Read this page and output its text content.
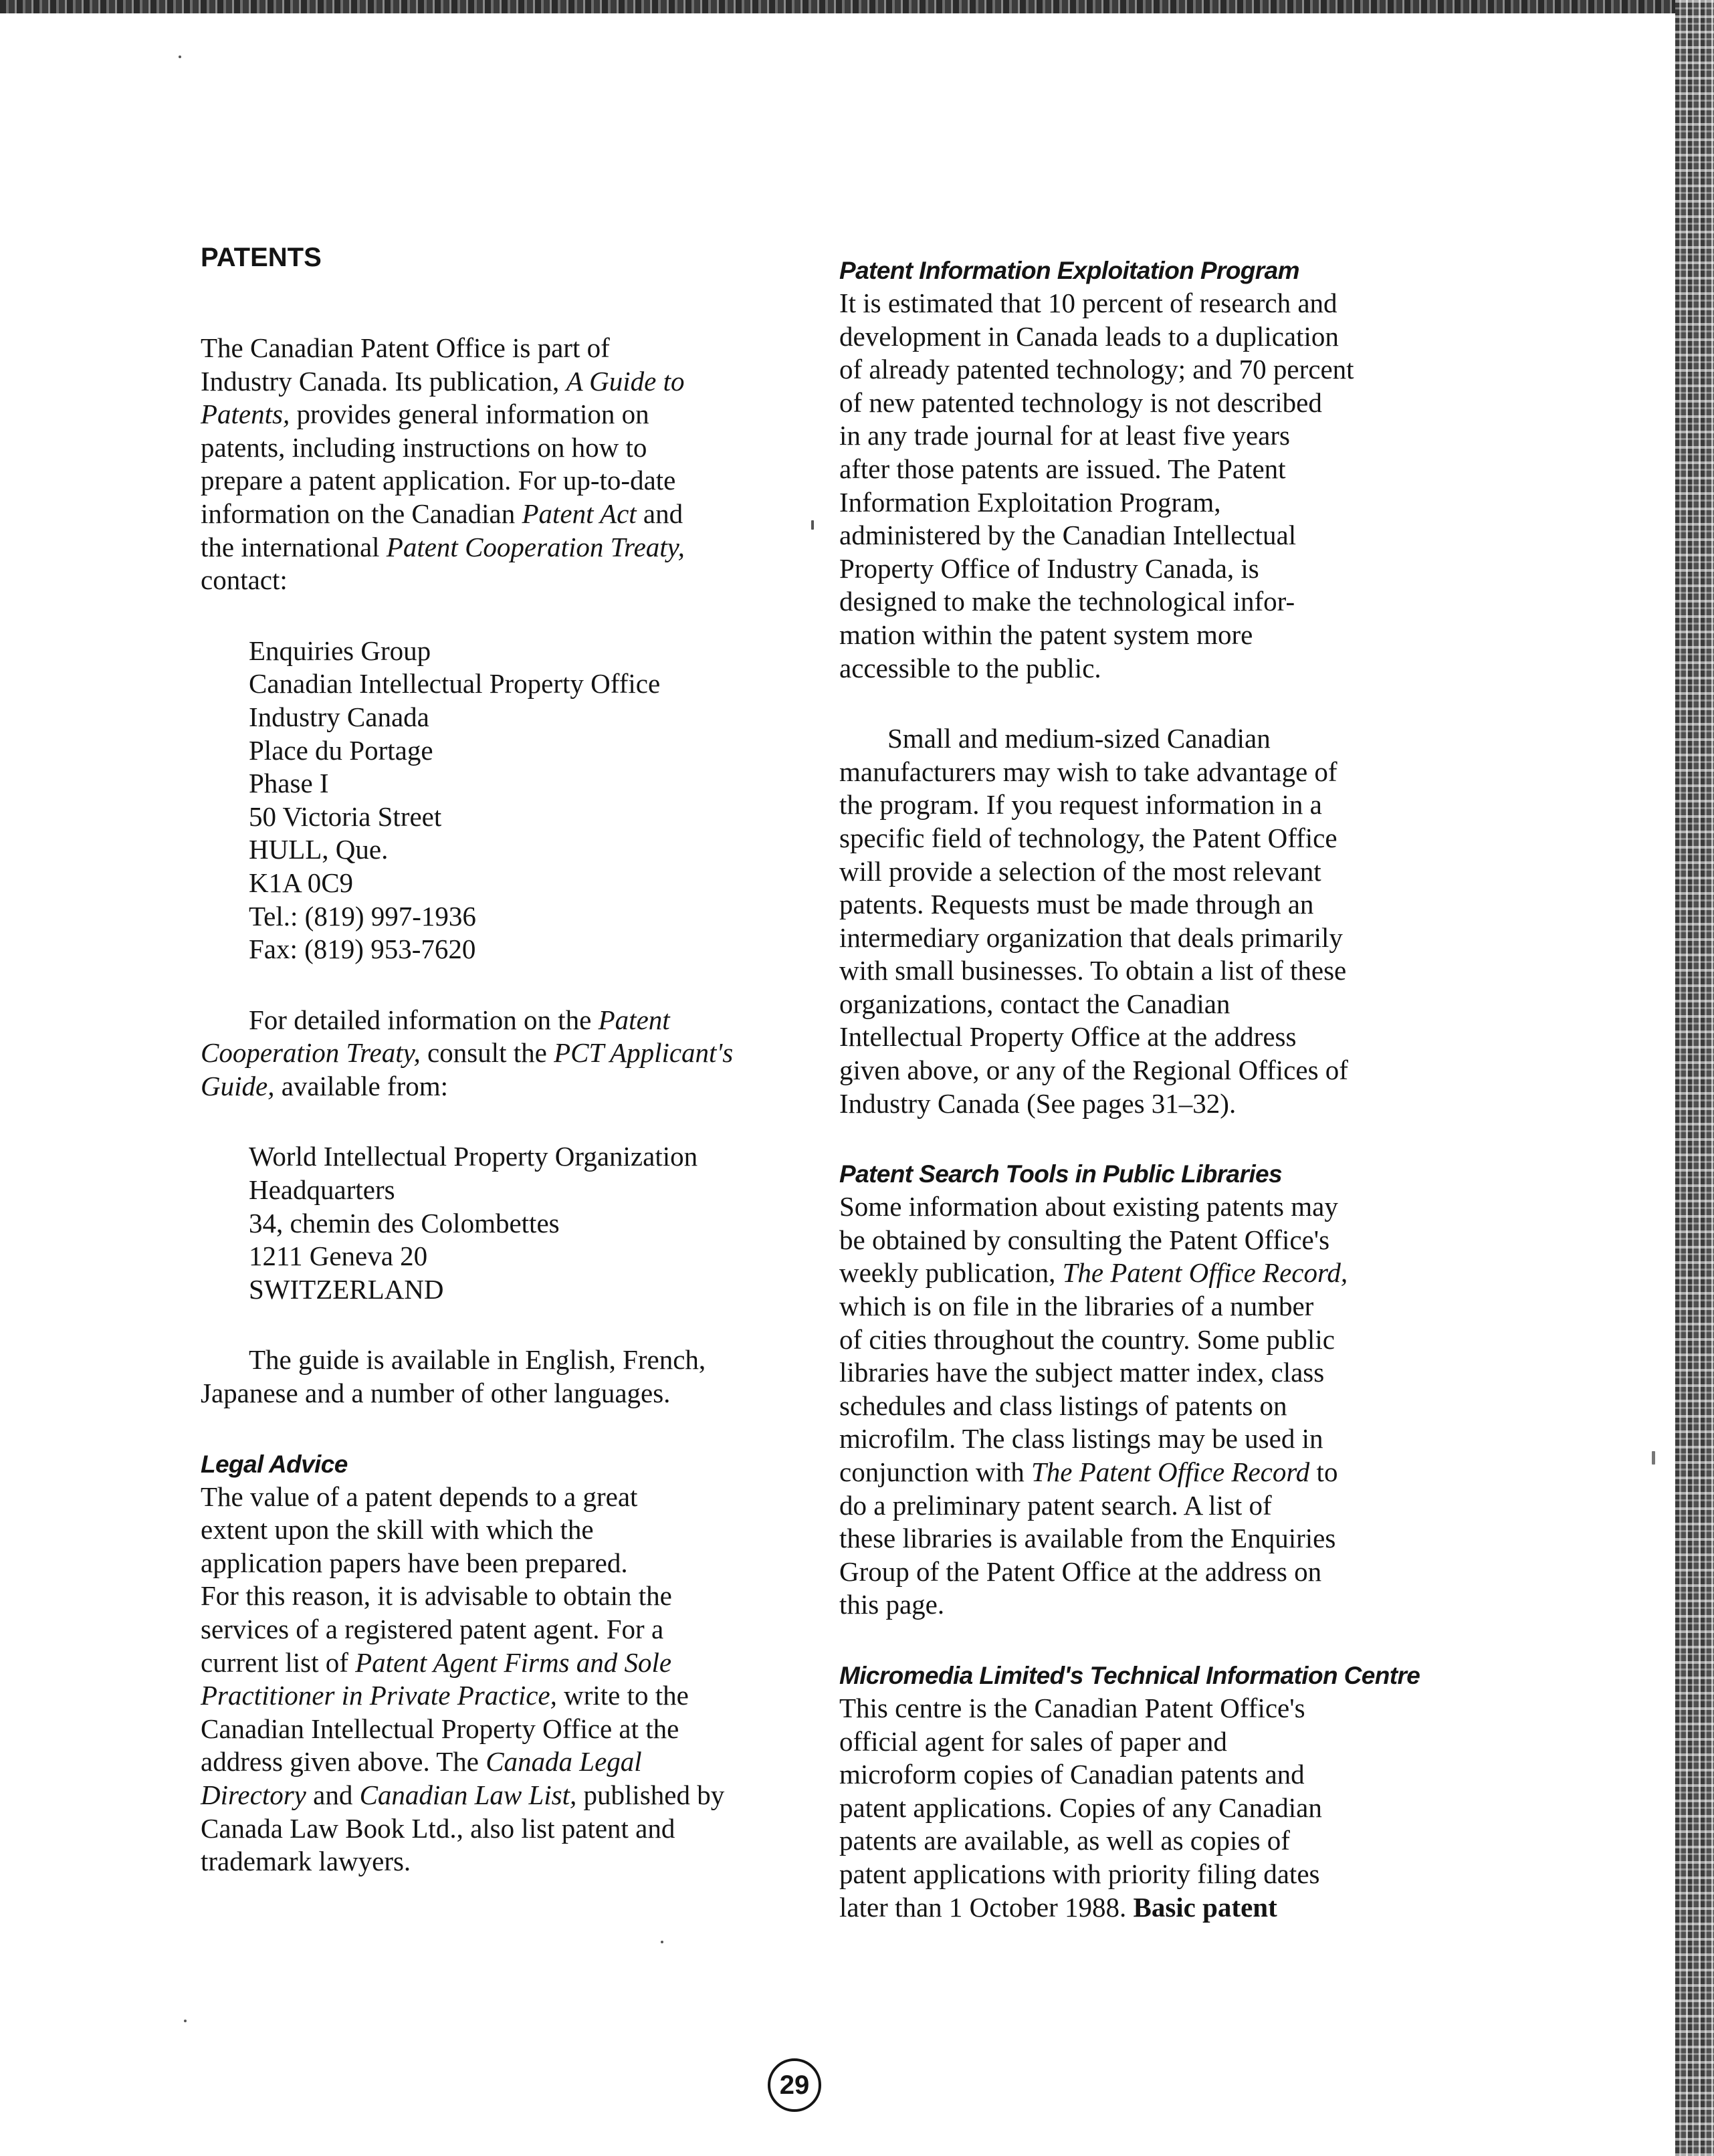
PATENTS
The Canadian Patent Office is part of
Industry Canada. Its publication, A Guide to
Patents, provides general information on
patents, including instructions on how to
prepare a patent application. For up-to-date
information on the Canadian Patent Act and
the international Patent Cooperation Treaty,
contact:
Enquiries Group
Canadian Intellectual Property Office
Industry Canada
Place du Portage
Phase I
50 Victoria Street
HULL, Que.
K1A 0C9
Tel.: (819) 997-1936
Fax: (819) 953-7620
For detailed information on the Patent
Cooperation Treaty, consult the PCT Applicant's
Guide, available from:
World Intellectual Property Organization
Headquarters
34, chemin des Colombettes
1211 Geneva 20
SWITZERLAND
The guide is available in English, French,
Japanese and a number of other languages.
Legal Advice
The value of a patent depends to a great
extent upon the skill with which the
application papers have been prepared.
For this reason, it is advisable to obtain the
services of a registered patent agent. For a
current list of Patent Agent Firms and Sole
Practitioner in Private Practice, write to the
Canadian Intellectual Property Office at the
address given above. The Canada Legal
Directory and Canadian Law List, published by
Canada Law Book Ltd., also list patent and
trademark lawyers.
Patent Information Exploitation Program
It is estimated that 10 percent of research and
development in Canada leads to a duplication
of already patented technology; and 70 percent
of new patented technology is not described
in any trade journal for at least five years
after those patents are issued. The Patent
Information Exploitation Program,
administered by the Canadian Intellectual
Property Office of Industry Canada, is
designed to make the technological infor-
mation within the patent system more
accessible to the public.
Small and medium-sized Canadian
manufacturers may wish to take advantage of
the program. If you request information in a
specific field of technology, the Patent Office
will provide a selection of the most relevant
patents. Requests must be made through an
intermediary organization that deals primarily
with small businesses. To obtain a list of these
organizations, contact the Canadian
Intellectual Property Office at the address
given above, or any of the Regional Offices of
Industry Canada (See pages 31–32).
Patent Search Tools in Public Libraries
Some information about existing patents may
be obtained by consulting the Patent Office's
weekly publication, The Patent Office Record,
which is on file in the libraries of a number
of cities throughout the country. Some public
libraries have the subject matter index, class
schedules and class listings of patents on
microfilm. The class listings may be used in
conjunction with The Patent Office Record to
do a preliminary patent search. A list of
these libraries is available from the Enquiries
Group of the Patent Office at the address on
this page.
Micromedia Limited's Technical Information Centre
This centre is the Canadian Patent Office's
official agent for sales of paper and
microform copies of Canadian patents and
patent applications. Copies of any Canadian
patents are available, as well as copies of
patent applications with priority filing dates
later than 1 October 1988. Basic patent
29
